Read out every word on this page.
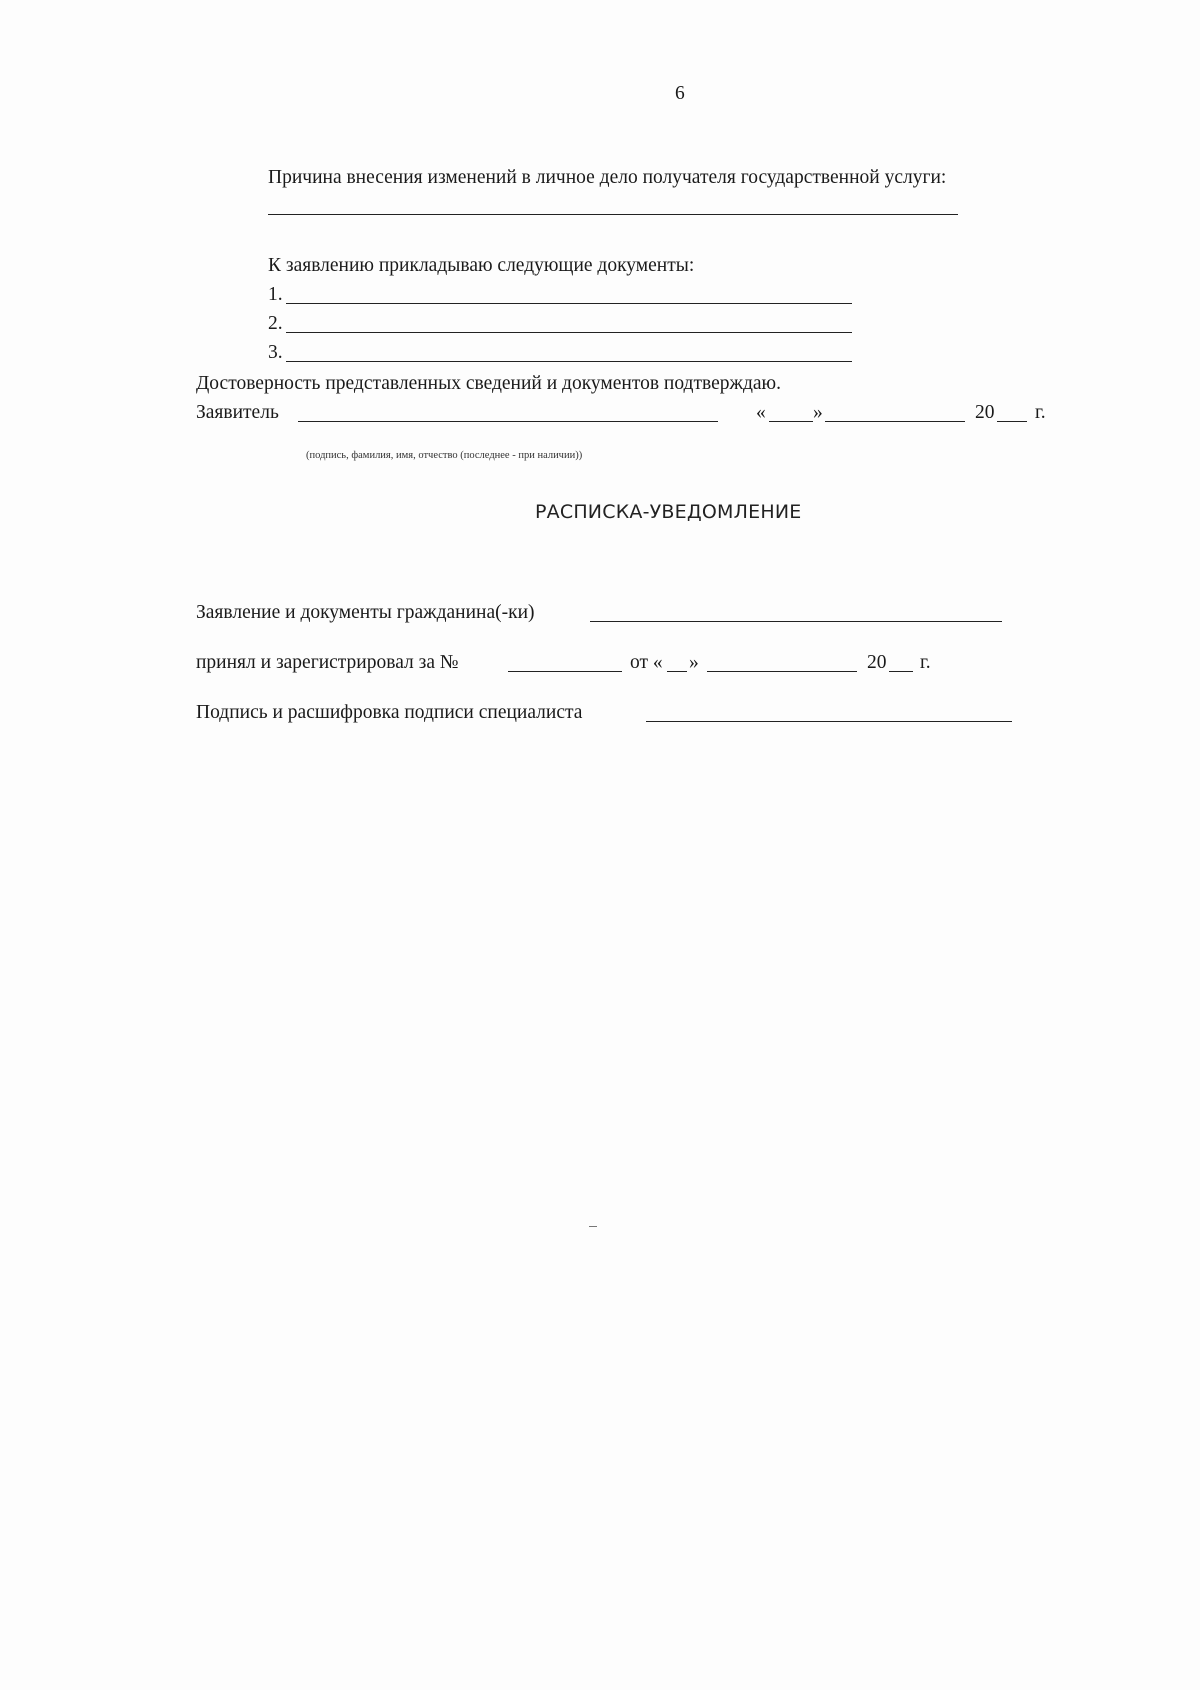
6
Причина внесения изменений в личное дело получателя государственной услуги:
К заявлению прикладываю следующие документы:
1.
2.
3.
Достоверность представленных сведений и документов подтверждаю.
Заявитель	« »	20 г.
(подпись, фамилия, имя, отчество (последнее - при наличии))
РАСПИСКА-УВЕДОМЛЕНИЕ
Заявление и документы гражданина(-ки)
принял и зарегистрировал за №	от « »	20 г.
Подпись и расшифровка подписи специалиста
